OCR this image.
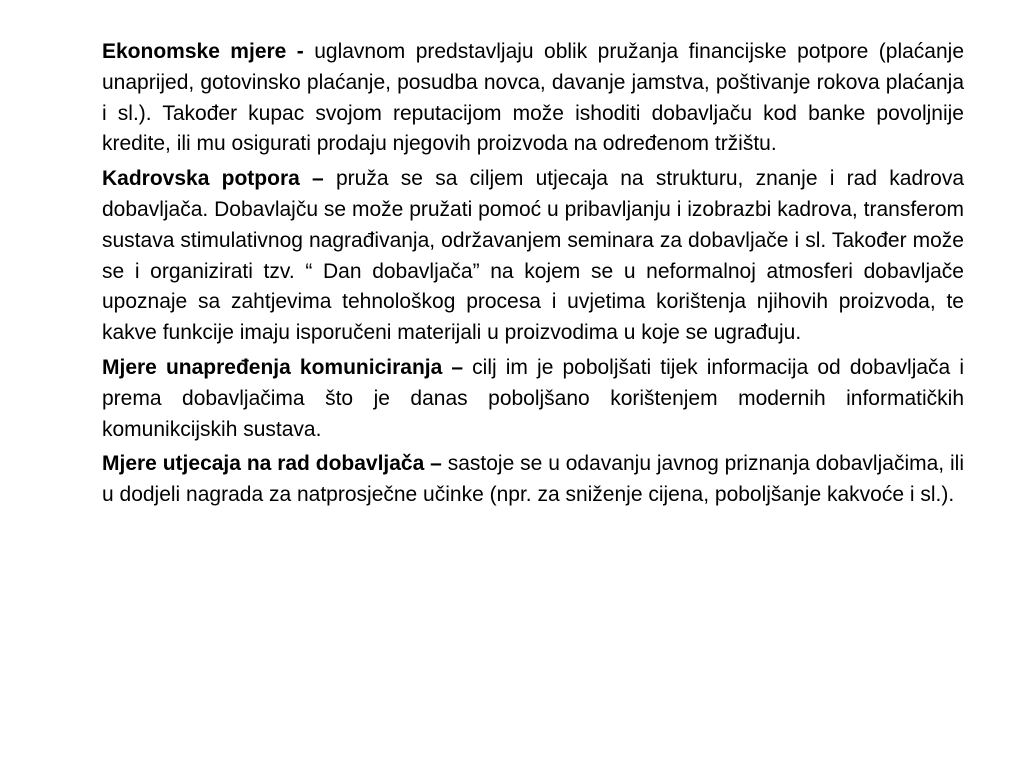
Ekonomske mjere - uglavnom predstavljaju oblik pružanja financijske potpore (plaćanje unaprijed, gotovinsko plaćanje, posudba novca, davanje jamstva, poštivanje rokova plaćanja i sl.). Također kupac svojom reputacijom može ishoditi dobavljaču kod banke povoljnije kredite, ili mu osigurati prodaju njegovih proizvoda na određenom tržištu.

Kadrovska potpora – pruža se sa ciljem utjecaja na strukturu, znanje i rad kadrova dobavljača. Dobavlajču se može pružati pomoć u pribavljanju i izobrazbi kadrova, transferom sustava stimulativnog nagrađivanja, održavanjem seminara za dobavljače i sl. Također može se i organizirati tzv. “ Dan dobavljača” na kojem se u neformalnoj atmosferi dobavljače upoznaje sa zahtjevima tehnološkog procesa i uvjetima korištenja njihovih proizvoda, te kakve funkcije imaju isporučeni materijali u proizvodima u koje se ugrađuju.

Mjere unapređenja komuniciranja – cilj im je poboljšati tijek informacija od dobavljača i prema dobavljačima što je danas poboljšano korištenjem modernih informatičkih komunikcijskih sustava.

Mjere utjecaja na rad dobavljača – sastoje se u odavanju javnog priznanja dobavljačima, ili u dodjeli nagrada za natprosječne učinke (npr. za sniženje cijena, poboljšanje kakvoće i sl.).
